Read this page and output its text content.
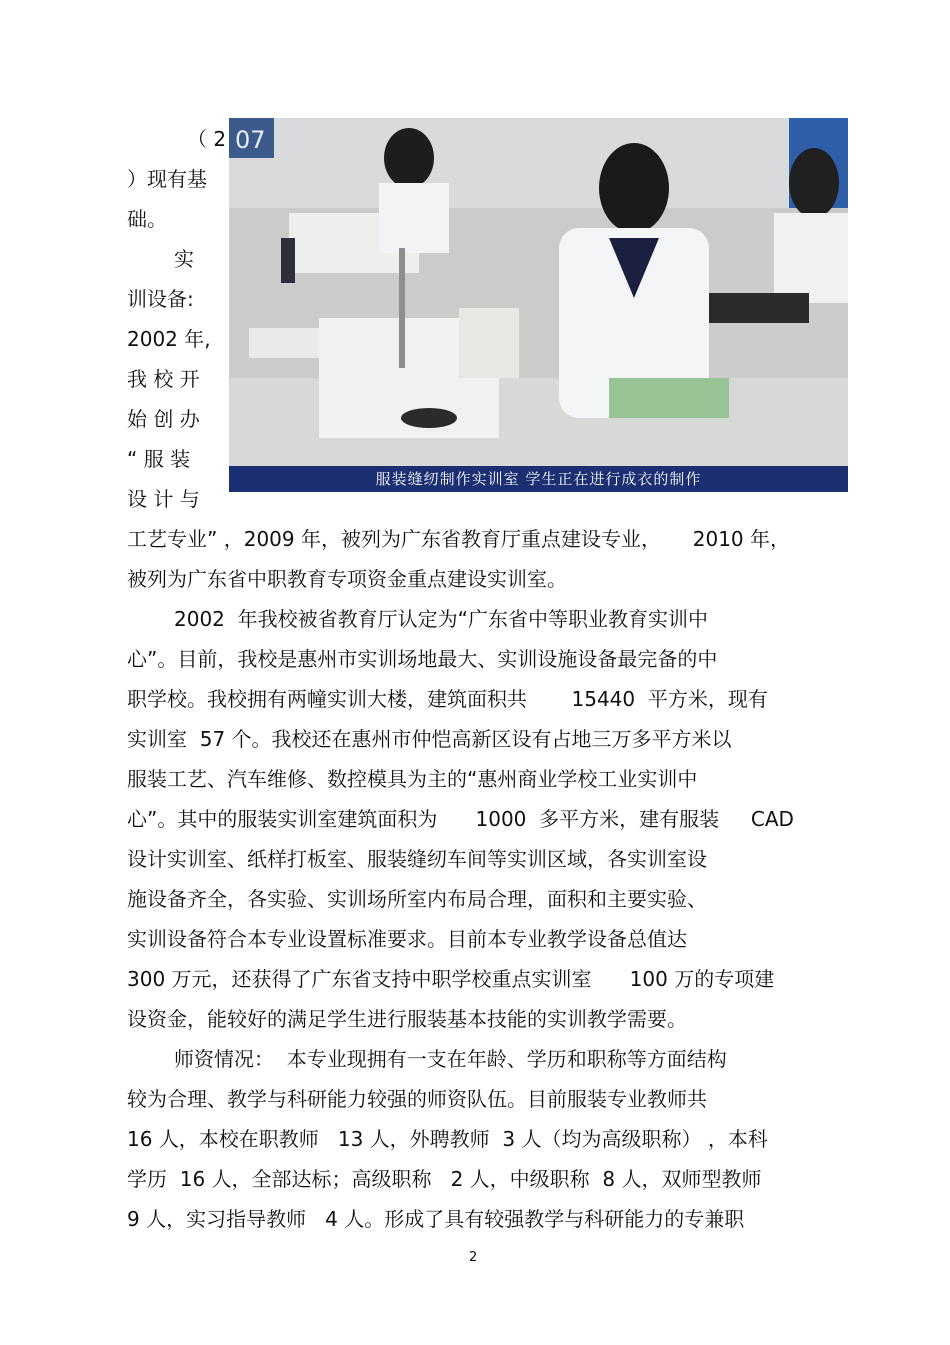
（ 2
）现有基
础。
实
训设备:
2002 年,
我 校 开
始 创 办
“ 服 装
设 计 与
07
服装缝纫制作实训室 学生正在进行成衣的制作
工艺专业” ，2009 年，被列为广东省教育厅重点建设专业，     2010 年，
被列为广东省中职教育专项资金重点建设实训室。
2002  年我校被省教育厅认定为“广东省中等职业教育实训中
心”。目前，我校是惠州市实训场地最大、实训设施设备最完备的中
职学校。我校拥有两幢实训大楼，建筑面积共       15440  平方米，现有
实训室  57 个。我校还在惠州市仲恺高新区设有占地三万多平方米以
服装工艺、汽车维修、数控模具为主的“惠州商业学校工业实训中
心”。其中的服装实训室建筑面积为      1000  多平方米，建有服装     CAD
设计实训室、纸样打板室、服装缝纫车间等实训区域，各实训室设
施设备齐全，各实验、实训场所室内布局合理，面积和主要实验、
实训设备符合本专业设置标准要求。目前本专业教学设备总值达
300 万元，还获得了广东省支持中职学校重点实训室      100 万的专项建
设资金，能较好的满足学生进行服装基本技能的实训教学需要。
师资情况：  本专业现拥有一支在年龄、学历和职称等方面结构
较为合理、教学与科研能力较强的师资队伍。目前服装专业教师共
16 人，本校在职教师   13 人，外聘教师  3 人（均为高级职称） ，本科
学历  16 人，全部达标；高级职称   2 人，中级职称  8 人，双师型教师
9 人，实习指导教师   4 人。形成了具有较强教学与科研能力的专兼职
2
